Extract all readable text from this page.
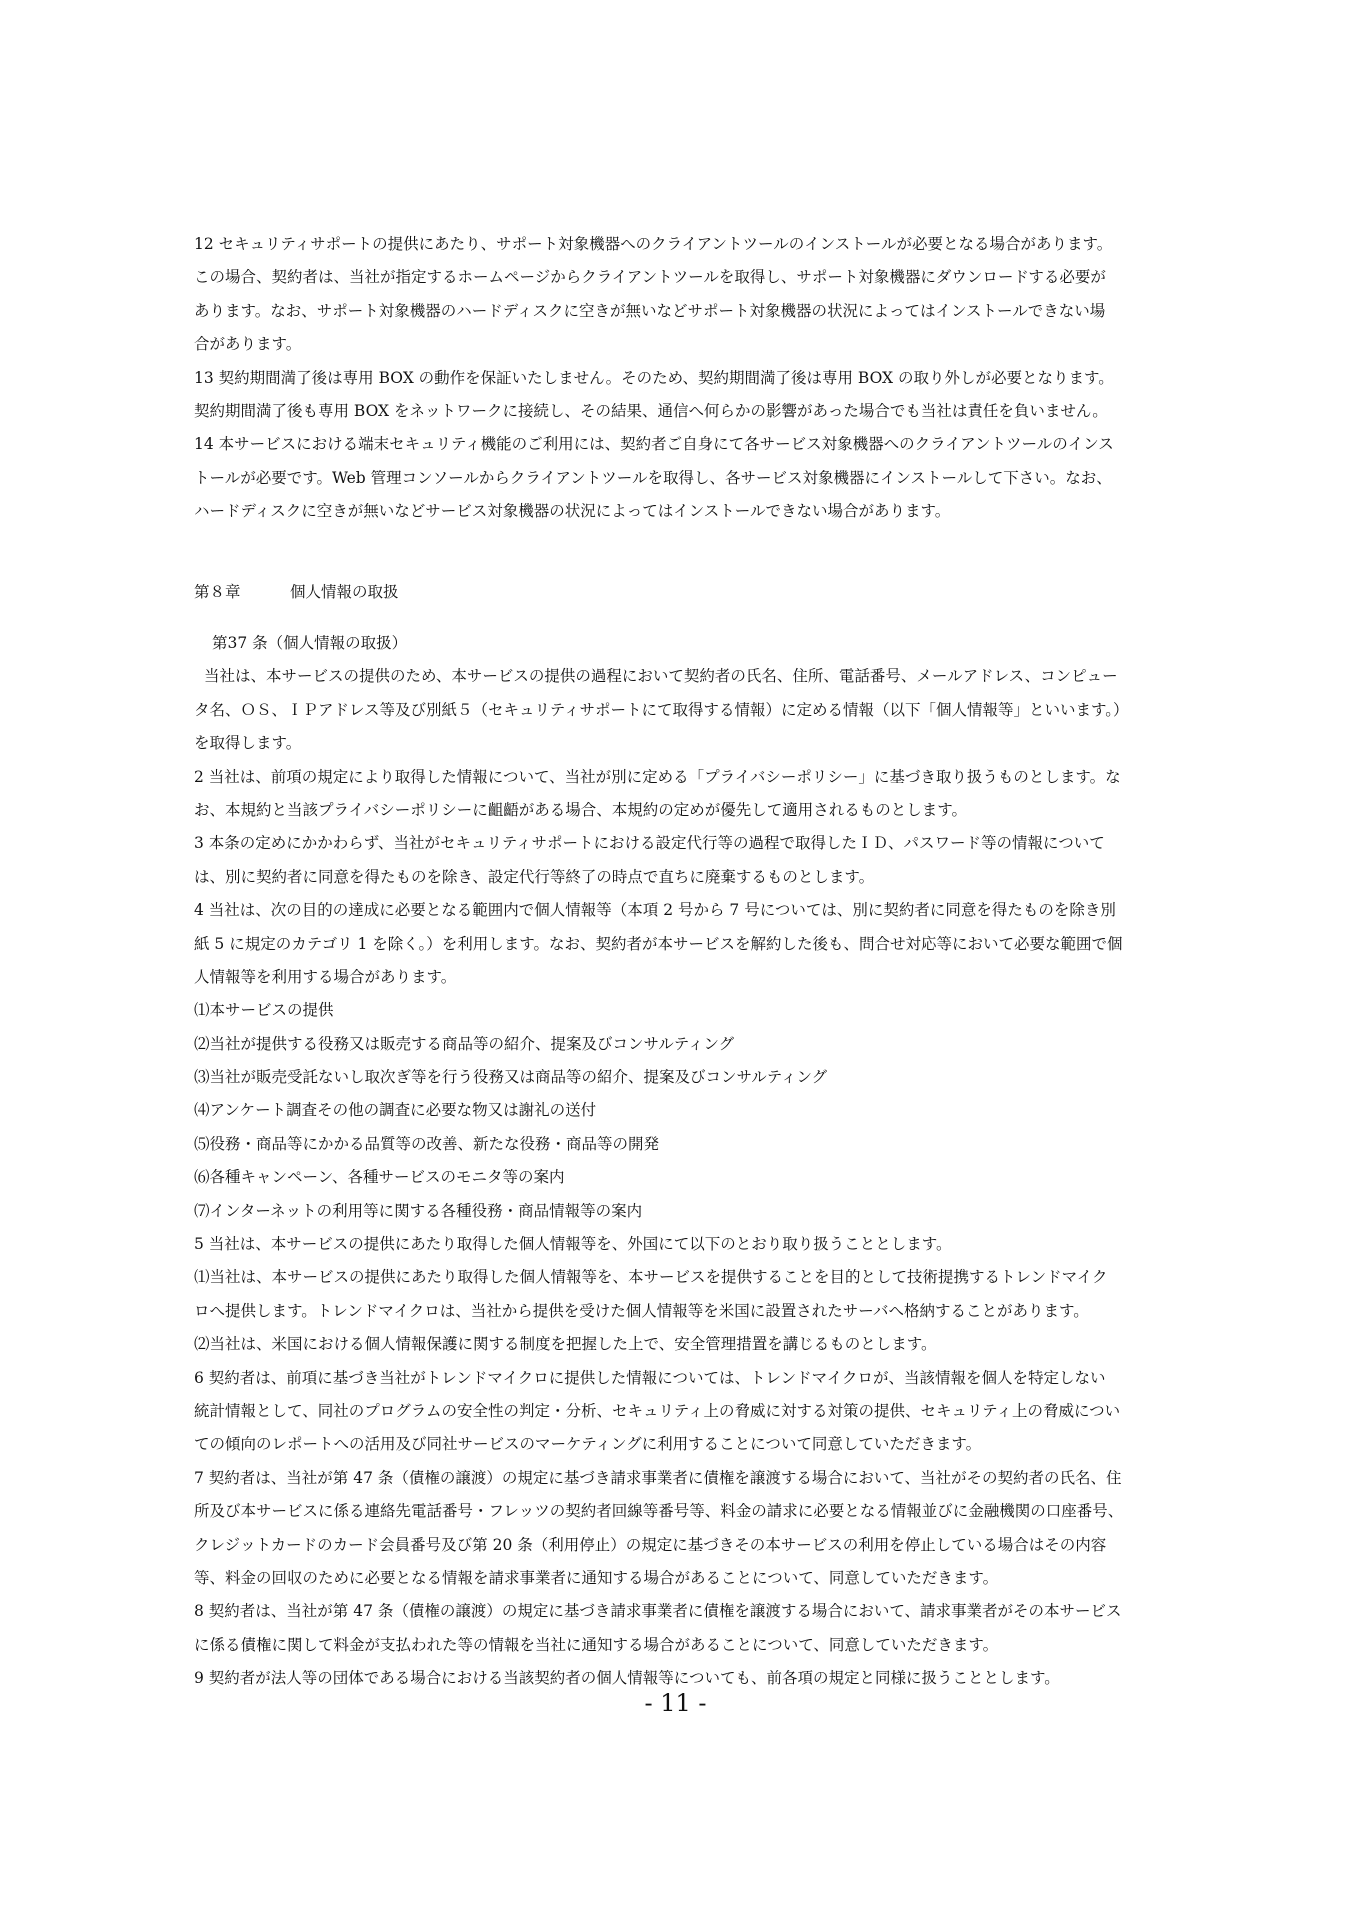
12 セキュリティサポートの提供にあたり、サポート対象機器へのクライアントツールのインストールが必要となる場合があります。
この場合、契約者は、当社が指定するホームページからクライアントツールを取得し、サポート対象機器にダウンロードする必要が
あります。なお、サポート対象機器のハードディスクに空きが無いなどサポート対象機器の状況によってはインストールできない場
合があります。
13 契約期間満了後は専用 BOX の動作を保証いたしません。そのため、契約期間満了後は専用 BOX の取り外しが必要となります。
契約期間満了後も専用 BOX をネットワークに接続し、その結果、通信へ何らかの影響があった場合でも当社は責任を負いません。
14 本サービスにおける端末セキュリティ機能のご利用には、契約者ご自身にて各サービス対象機器へのクライアントツールのインス
トールが必要です。Web 管理コンソールからクライアントツールを取得し、各サービス対象機器にインストールして下さい。なお、
ハードディスクに空きが無いなどサービス対象機器の状況によってはインストールできない場合があります。
第８章	個人情報の取扱
第37 条（個人情報の取扱）
当社は、本サービスの提供のため、本サービスの提供の過程において契約者の氏名、住所、電話番号、メールアドレス、コンピュー
タ名、ＯＳ、ＩＰアドレス等及び別紙５（セキュリティサポートにて取得する情報）に定める情報（以下「個人情報等」といいます。）
を取得します。
2 当社は、前項の規定により取得した情報について、当社が別に定める「プライバシーポリシー」に基づき取り扱うものとします。な
お、本規約と当該プライバシーポリシーに齟齬がある場合、本規約の定めが優先して適用されるものとします。
3 本条の定めにかかわらず、当社がセキュリティサポートにおける設定代行等の過程で取得したＩＤ、パスワード等の情報について
は、別に契約者に同意を得たものを除き、設定代行等終了の時点で直ちに廃棄するものとします。
4 当社は、次の目的の達成に必要となる範囲内で個人情報等（本項 2 号から 7 号については、別に契約者に同意を得たものを除き別
紙 5 に規定のカテゴリ 1 を除く。）を利用します。なお、契約者が本サービスを解約した後も、問合せ対応等において必要な範囲で個
人情報等を利用する場合があります。
⑴本サービスの提供
⑵当社が提供する役務又は販売する商品等の紹介、提案及びコンサルティング
⑶当社が販売受託ないし取次ぎ等を行う役務又は商品等の紹介、提案及びコンサルティング
⑷アンケート調査その他の調査に必要な物又は謝礼の送付
⑸役務・商品等にかかる品質等の改善、新たな役務・商品等の開発
⑹各種キャンペーン、各種サービスのモニタ等の案内
⑺インターネットの利用等に関する各種役務・商品情報等の案内
5 当社は、本サービスの提供にあたり取得した個人情報等を、外国にて以下のとおり取り扱うこととします。
⑴当社は、本サービスの提供にあたり取得した個人情報等を、本サービスを提供することを目的として技術提携するトレンドマイク
ロへ提供します。トレンドマイクロは、当社から提供を受けた個人情報等を米国に設置されたサーバへ格納することがあります。
⑵当社は、米国における個人情報保護に関する制度を把握した上で、安全管理措置を講じるものとします。
6 契約者は、前項に基づき当社がトレンドマイクロに提供した情報については、トレンドマイクロが、当該情報を個人を特定しない
統計情報として、同社のプログラムの安全性の判定・分析、セキュリティ上の脅威に対する対策の提供、セキュリティ上の脅威につい
ての傾向のレポートへの活用及び同社サービスのマーケティングに利用することについて同意していただきます。
7 契約者は、当社が第 47 条（債権の譲渡）の規定に基づき請求事業者に債権を譲渡する場合において、当社がその契約者の氏名、住
所及び本サービスに係る連絡先電話番号・フレッツの契約者回線等番号等、料金の請求に必要となる情報並びに金融機関の口座番号、
クレジットカードのカード会員番号及び第 20 条（利用停止）の規定に基づきその本サービスの利用を停止している場合はその内容
等、料金の回収のために必要となる情報を請求事業者に通知する場合があることについて、同意していただきます。
8 契約者は、当社が第 47 条（債権の譲渡）の規定に基づき請求事業者に債権を譲渡する場合において、請求事業者がその本サービス
に係る債権に関して料金が支払われた等の情報を当社に通知する場合があることについて、同意していただきます。
9 契約者が法人等の団体である場合における当該契約者の個人情報等についても、前各項の規定と同様に扱うこととします。
- 11 -
